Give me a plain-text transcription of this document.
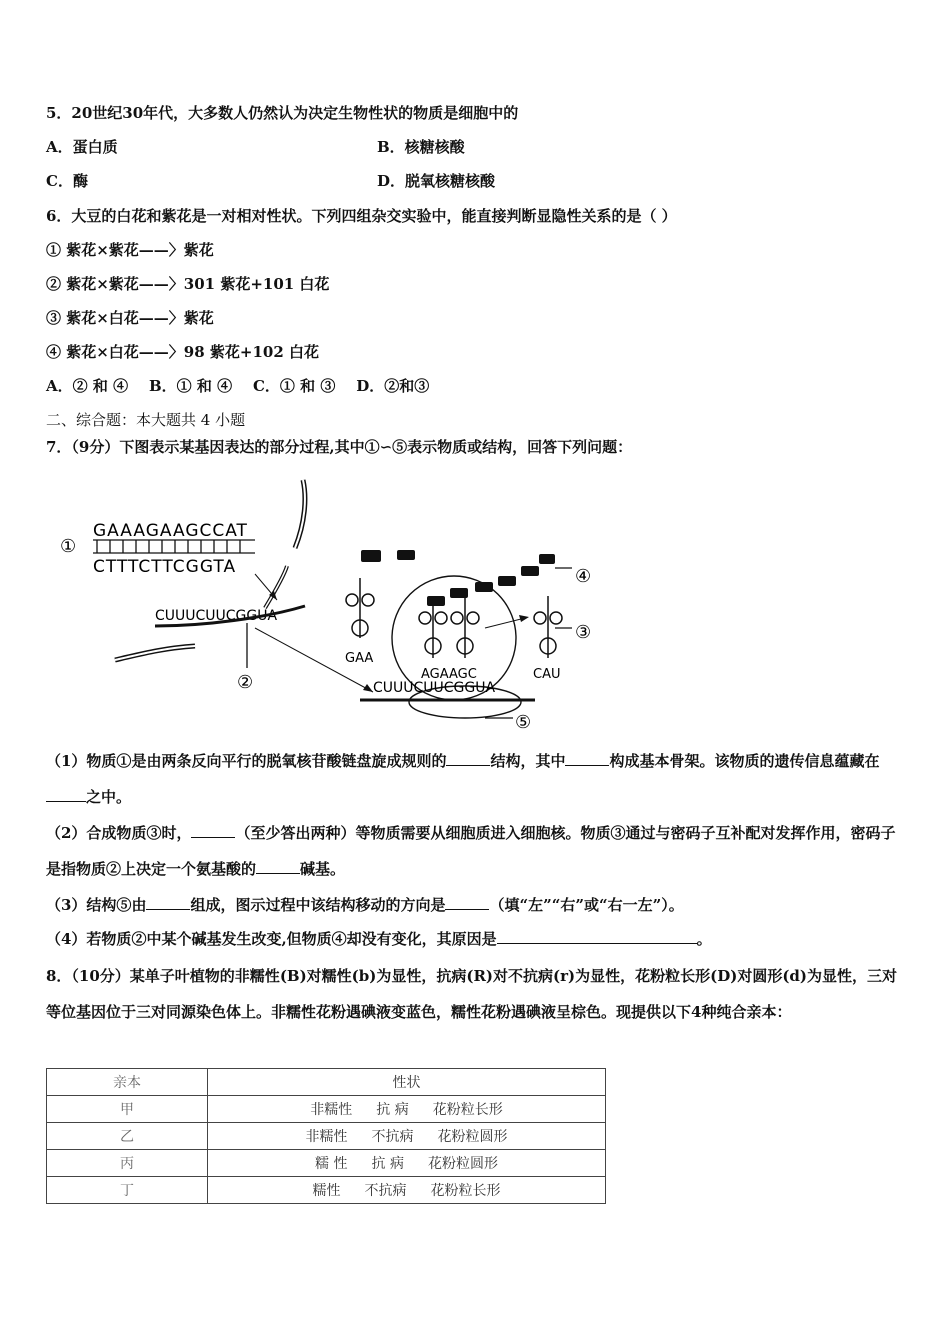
5．20世纪30年代，大多数人仍然认为决定生物性状的物质是细胞中的
A．蛋白质	B．核糖核酸
C．酶	D．脱氧核糖核酸
6．大豆的白花和紫花是一对相对性状。下列四组杂交实验中，能直接判断显隐性关系的是（ ）
① 紫花×紫花——〉紫花
② 紫花×紫花——〉301 紫花+101 白花
③ 紫花×白花——〉紫花
④ 紫花×白花——〉98 紫花+102 白花
A．② 和 ④    B．① 和 ④    C．① 和 ③    D．②和③
二、综合题：本大题共 4 小题
7．（9分）下图表示某基因表达的部分过程,其中①∽⑤表示物质或结构，回答下列问题：
GAAAGAAGCCAT
CTTTCTTCGGTA
①
CUUUCUUCGGUA
②	CUUUCUUCGGUA
GAA
AGAAGC	CAU
④
③
⑤
（1）物质①是由两条反向平行的脱氧核苷酸链盘旋成规则的	结构，其中	构成基本骨架。该物质的遗传信息蕴藏在之中。
（2）合成物质③时，	（至少答出两种）等物质需要从细胞质进入细胞核。物质③通过与密码子互补配对发挥作用，密码子是指物质②上决定一个氨基酸的	碱基。
（3）结构⑤由	组成，图示过程中该结构移动的方向是	（填“左”“右”或“右一左”）。
（4）若物质②中某个碱基发生改变,但物质④却没有变化，其原因是	。
8．（10分）某单子叶植物的非糯性(B)对糯性(b)为显性，抗病(R)对不抗病(r)为显性，花粉粒长形(D)对圆形(d)为显性，三对等位基因位于三对同源染色体上。非糯性花粉遇碘液变蓝色，糯性花粉遇碘液呈棕色。现提供以下4种纯合亲本：
亲本	性状
甲	非糯性 抗 病 花粉粒长形
乙	非糯性 不抗病 花粉粒圆形
丙	糯 性 抗 病 花粉粒圆形
丁	糯性 不抗病 花粉粒长形
